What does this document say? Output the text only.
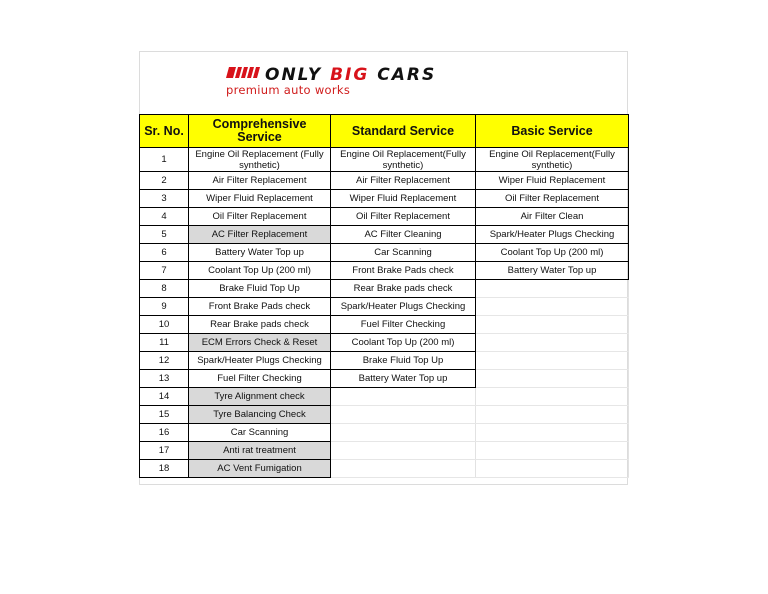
ONLY BIG CARS
premium auto works
Sr. No.	Comprehensive Service	Standard Service	Basic Service
1	Engine Oil Replacement (Fully synthetic)	Engine Oil Replacement(Fully synthetic)	Engine Oil Replacement(Fully synthetic)
2	Air Filter Replacement	Air Filter Replacement	Wiper Fluid Replacement
3	Wiper Fluid Replacement	Wiper Fluid Replacement	Oil Filter Replacement
4	Oil Filter Replacement	Oil Filter Replacement	Air Filter Clean
5	AC Filter Replacement	AC Filter Cleaning	Spark/Heater Plugs Checking
6	Battery Water Top up	Car Scanning	Coolant Top Up (200 ml)
7	Coolant Top Up (200 ml)	Front Brake Pads check	Battery Water Top up
8	Brake Fluid Top Up	Rear Brake pads check	
9	Front Brake Pads check	Spark/Heater Plugs Checking	
10	Rear Brake pads check	Fuel Filter Checking	
11	ECM Errors Check & Reset	Coolant Top Up (200 ml)	
12	Spark/Heater Plugs Checking	Brake Fluid Top Up	
13	Fuel Filter Checking	Battery Water Top up	
14	Tyre Alignment check		
15	Tyre Balancing Check		
16	Car Scanning		
17	Anti rat treatment		
18	AC Vent Fumigation		
